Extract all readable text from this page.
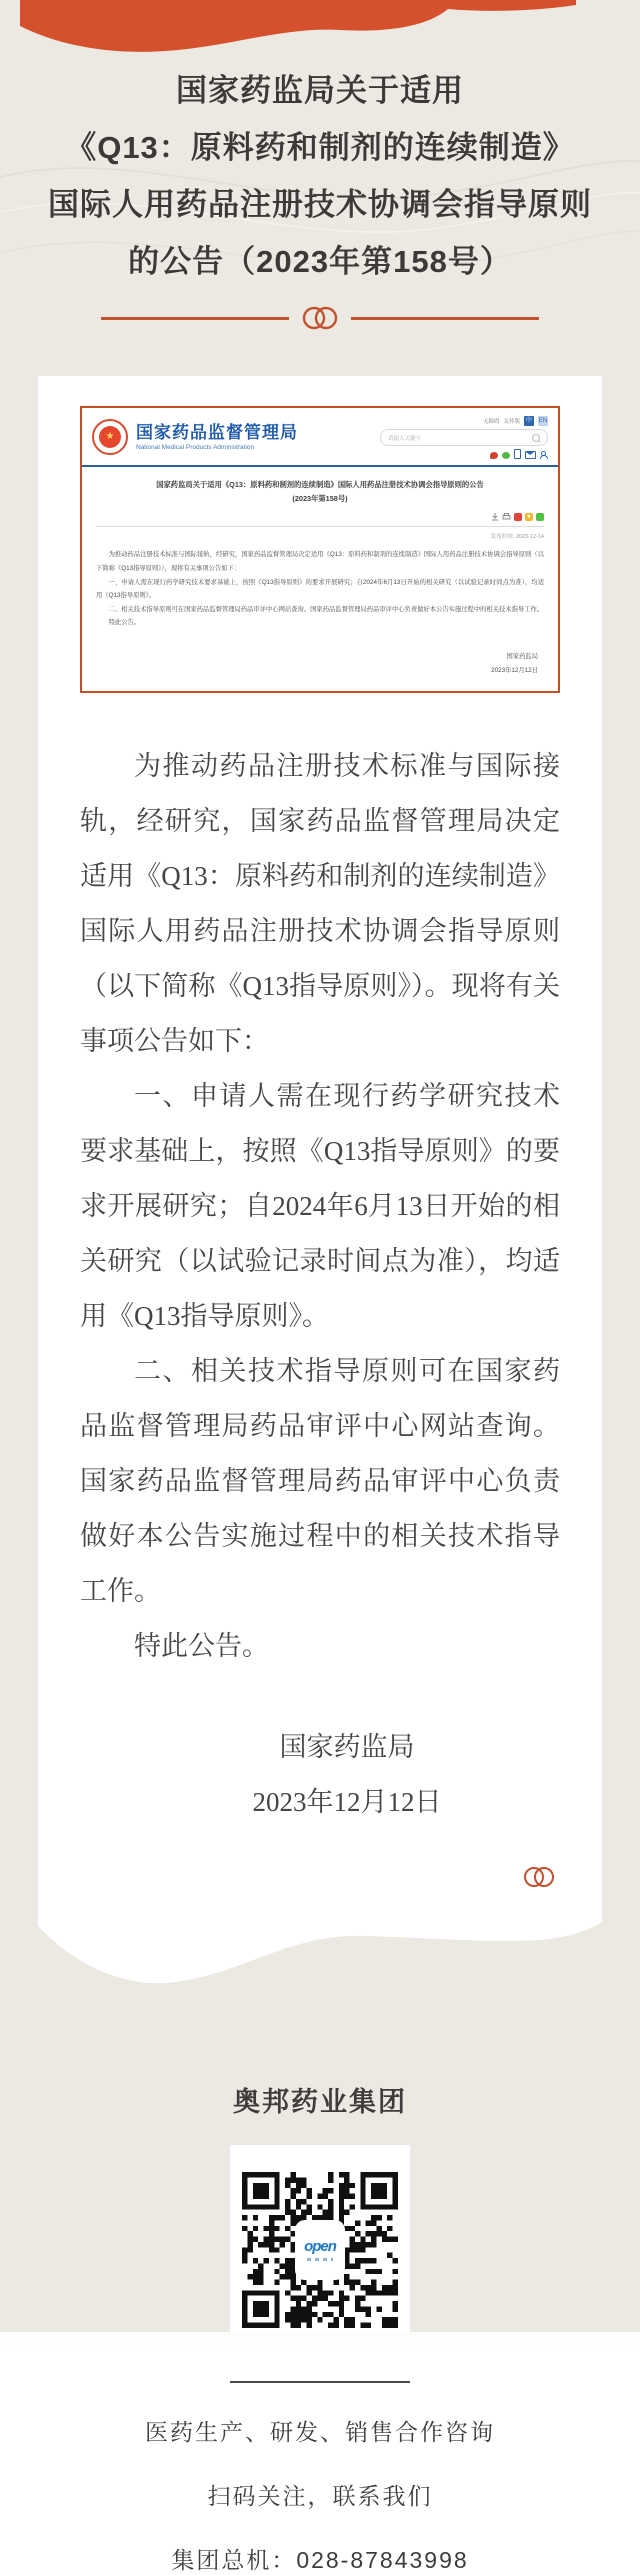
国家药监局关于适用
《Q13：原料药和制剂的连续制造》
国际人用药品注册技术协调会指导原则
的公告（2023年第158号）
★	国家药品监督管理局
National Medical Products Administration
无障碍 关怀版 中	EN
请输入关键字

国家药监局关于适用《Q13：原料药和制剂的连续制造》国际人用药品注册技术协调会指导原则的公告
(2023年第158号)

★
发布时间: 2023-12-14

为推动药品注册技术标准与国际接轨，经研究，国家药品监督管理局决定适用《Q13：原料药和制剂的连续制造》国际人用药品注册技术协调会指导原则（以下简称《Q13指导原则》），现将有关事项公告如下：

一、申请人需在现行药学研究技术要求基础上，按照《Q13指导原则》的要求开展研究；自2024年6月13日开始的相关研究（以试验记录时间点为准），均适用《Q13指导原则》。

二、相关技术指导原则可在国家药品监督管理局药品审评中心网站查询。国家药品监督管理局药品审评中心负责做好本公告实施过程中的相关技术指导工作。

特此公告。

国家药监局
2023年12月12日

为推动药品注册技术标准与国际接轨，经研究，国家药品监督管理局决定适用《Q13：原料药和制剂的连续制造》国际人用药品注册技术协调会指导原则（以下简称《Q13指导原则》）。现将有关事项公告如下：

一、申请人需在现行药学研究技术要求基础上，按照《Q13指导原则》的要求开展研究；自2024年6月13日开始的相关研究（以试验记录时间点为准），均适用《Q13指导原则》。

二、相关技术指导原则可在国家药品监督管理局药品审评中心网站查询。国家药品监督管理局药品审评中心负责做好本公告实施过程中的相关技术指导工作。

特此公告。

国家药监局
2023年12月12日
奥邦药业集团
open

医药生产、研发、销售合作咨询

扫码关注，联系我们

集团总机：028-87843998
